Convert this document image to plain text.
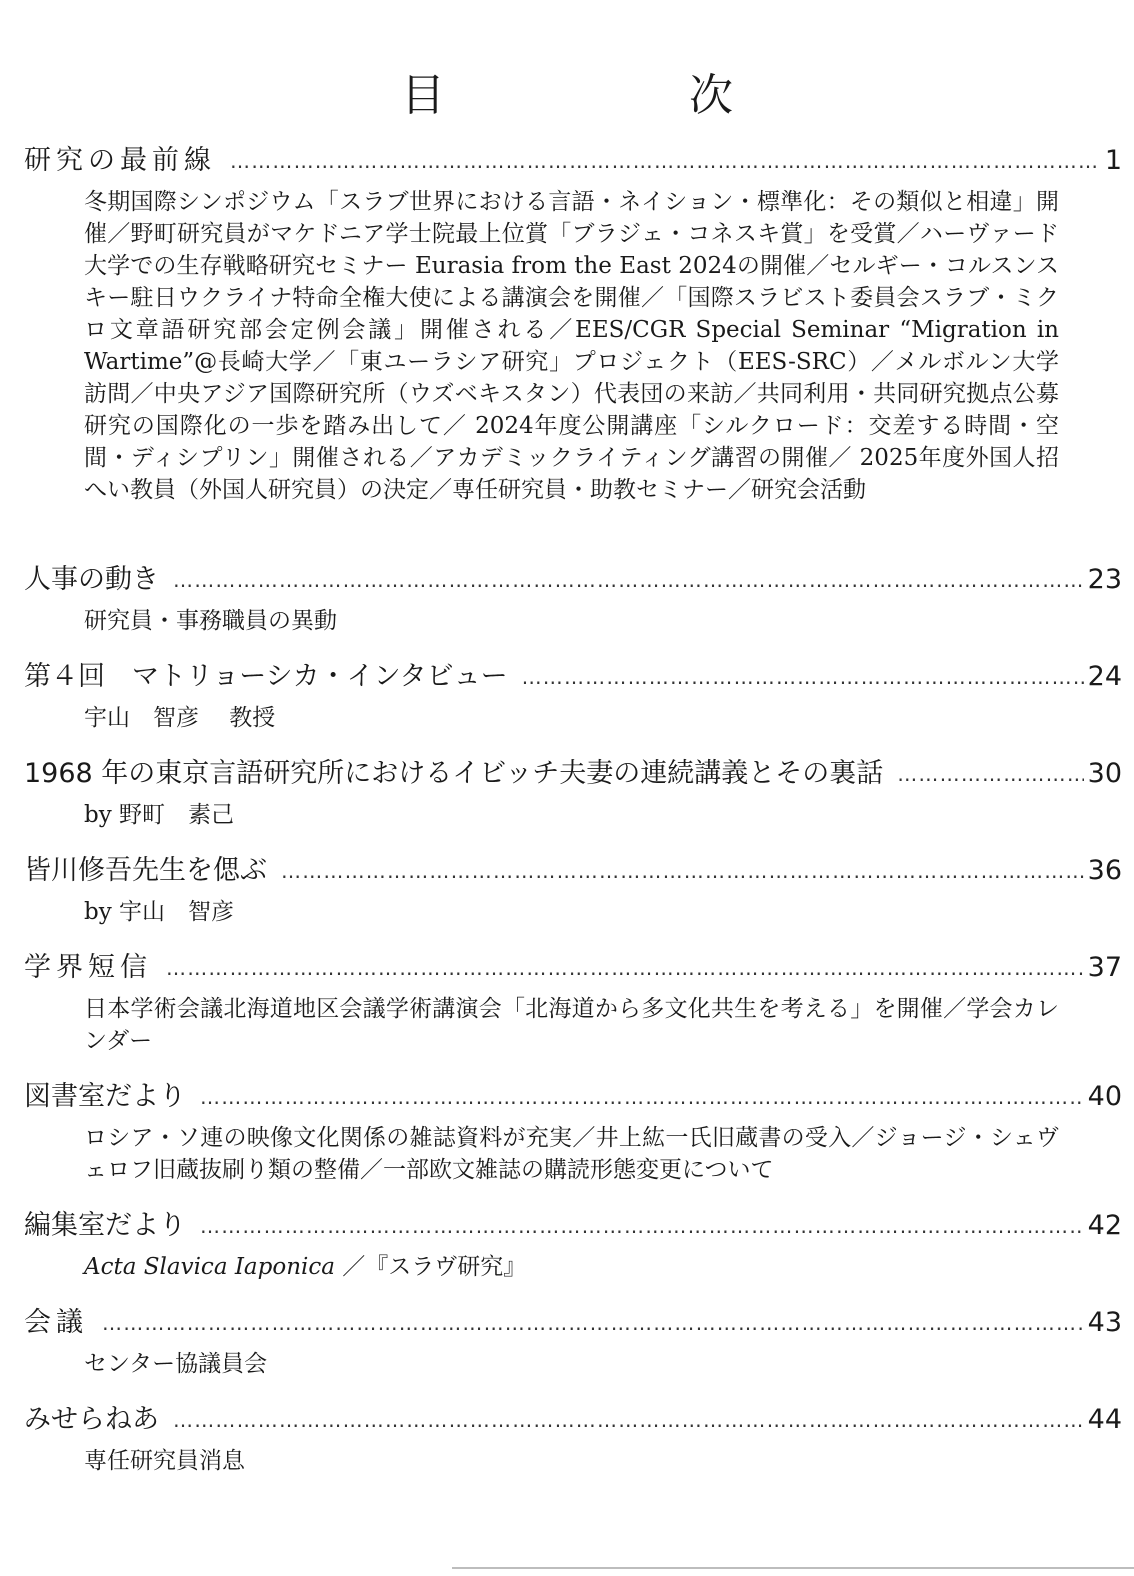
目　次
研究の最前線 ………………………………………………………………………………………………………………………………………………………………………………………………………………………………………………	1
冬期国際シンポジウム「スラブ世界における言語・ネイション・標準化：その類似と相違」開催／野町研究員がマケドニア学士院最上位賞「ブラジェ・コネスキ賞」を受賞／ハーヴァード大学での生存戦略研究セミナー Eurasia from the East 2024の開催／セルギー・コルスンスキー駐日ウクライナ特命全権大使による講演会を開催／「国際スラビスト委員会スラブ・ミクロ文章語研究部会定例会議」開催される／EES/CGR Special Seminar “Migration in Wartime”@長崎大学／「東ユーラシア研究」プロジェクト（EES-SRC）／メルボルン大学訪問／中央アジア国際研究所（ウズベキスタン）代表団の来訪／共同利用・共同研究拠点公募研究の国際化の一歩を踏み出して／ 2024年度公開講座「シルクロード：交差する時間・空間・ディシプリン」開催される／アカデミックライティング講習の開催／ 2025年度外国人招へい教員（外国人研究員）の決定／専任研究員・助教セミナー／研究会活動
人事の動き ………………………………………………………………………………………………………………………………………………………………………………………………………………………………………………	23
研究員・事務職員の異動
第４回　マトリョーシカ・インタビュー ………………………………………………………………………………………………………………………………………………………………………………………………………………………………………………	24
宇山　智彦　 教授
1968 年の東京言語研究所におけるイビッチ夫妻の連続講義とその裏話 ………………………………………………………………………………………………………………………………………………………………………………………………………………………………………………	30
by 野町　素己
皆川修吾先生を偲ぶ ………………………………………………………………………………………………………………………………………………………………………………………………………………………………………………	36
by 宇山　智彦
学界短信 ………………………………………………………………………………………………………………………………………………………………………………………………………………………………………………	37
日本学術会議北海道地区会議学術講演会「北海道から多文化共生を考える」を開催／学会カレンダー
図書室だより ………………………………………………………………………………………………………………………………………………………………………………………………………………………………………………	40
ロシア・ソ連の映像文化関係の雑誌資料が充実／井上紘一氏旧蔵書の受入／ジョージ・シェヴェロフ旧蔵抜刷り類の整備／一部欧文雑誌の購読形態変更について
編集室だより ………………………………………………………………………………………………………………………………………………………………………………………………………………………………………………	42
Acta Slavica Iaponica ／『スラヴ研究』
会議 ………………………………………………………………………………………………………………………………………………………………………………………………………………………………………………	43
センター協議員会
みせらねあ ………………………………………………………………………………………………………………………………………………………………………………………………………………………………………………	44
専任研究員消息
